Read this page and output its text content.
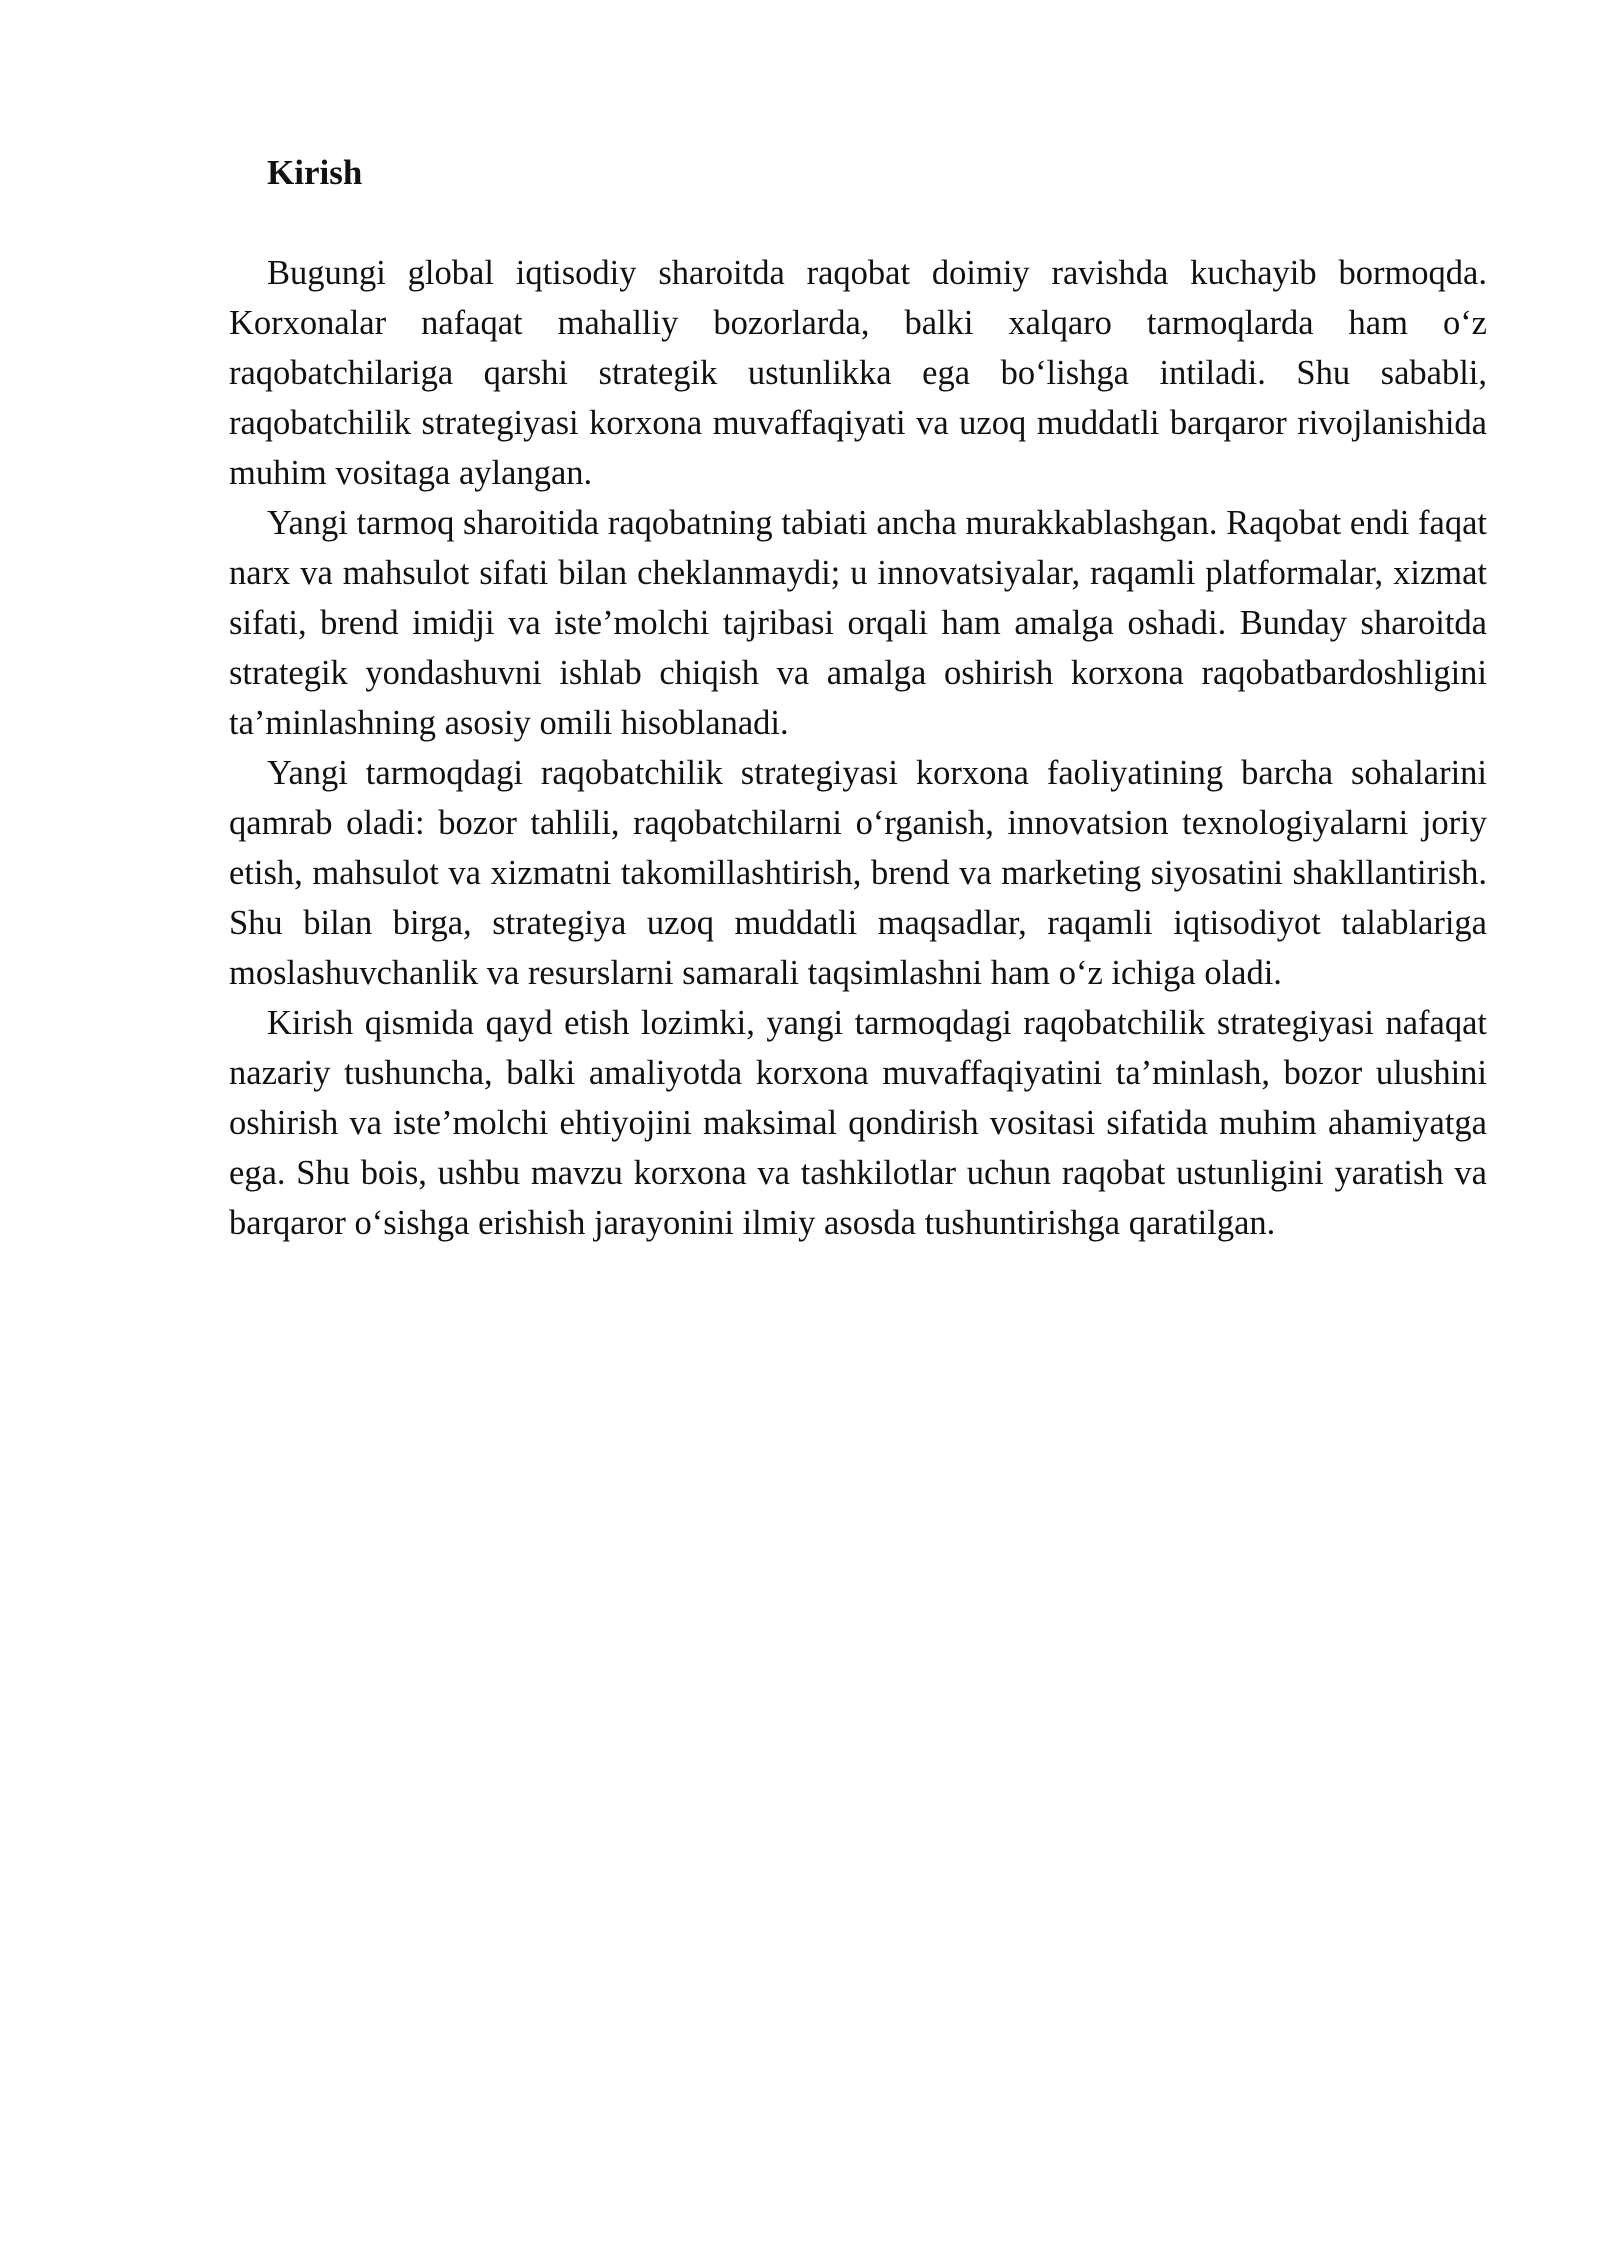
Kirish

Bugungi global iqtisodiy sharoitda raqobat doimiy ravishda kuchayib bormoqda. Korxonalar nafaqat mahalliy bozorlarda, balki xalqaro tarmoqlarda ham o‘z raqobatchilariga qarshi strategik ustunlikka ega bo‘lishga intiladi. Shu sababli, raqobatchilik strategiyasi korxona muvaffaqiyati va uzoq muddatli barqaror rivojlanishida muhim vositaga aylangan.

Yangi tarmoq sharoitida raqobatning tabiati ancha murakkablashgan. Raqobat endi faqat narx va mahsulot sifati bilan cheklanmaydi; u innovatsiyalar, raqamli platformalar, xizmat sifati, brend imidji va iste’molchi tajribasi orqali ham amalga oshadi. Bunday sharoitda strategik yondashuvni ishlab chiqish va amalga oshirish korxona raqobatbardoshligini ta’minlashning asosiy omili hisoblanadi.

Yangi tarmoqdagi raqobatchilik strategiyasi korxona faoliyatining barcha sohalarini qamrab oladi: bozor tahlili, raqobatchilarni o‘rganish, innovatsion texnologiyalarni joriy etish, mahsulot va xizmatni takomillashtirish, brend va marketing siyosatini shakllantirish. Shu bilan birga, strategiya uzoq muddatli maqsadlar, raqamli iqtisodiyot talablariga moslashuvchanlik va resurslarni samarali taqsimlashni ham o‘z ichiga oladi.

Kirish qismida qayd etish lozimki, yangi tarmoqdagi raqobatchilik strategiyasi nafaqat nazariy tushuncha, balki amaliyotda korxona muvaffaqiyatini ta’minlash, bozor ulushini oshirish va iste’molchi ehtiyojini maksimal qondirish vositasi sifatida muhim ahamiyatga ega. Shu bois, ushbu mavzu korxona va tashkilotlar uchun raqobat ustunligini yaratish va barqaror o‘sishga erishish jarayonini ilmiy asosda tushuntirishga qaratilgan.
